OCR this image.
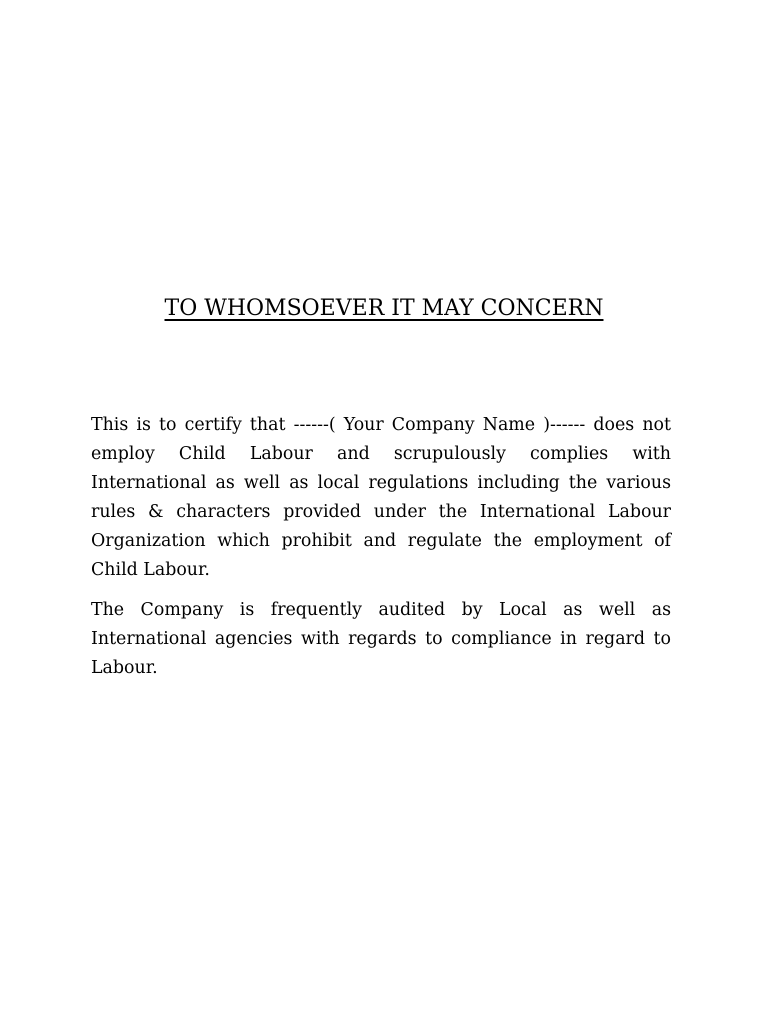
TO WHOMSOEVER IT MAY CONCERN

This is to certify that ------( Your Company Name )------ does not employ Child Labour and scrupulously complies with International as well as local regulations including the various rules & characters provided under the International Labour Organization which prohibit and regulate the employment of Child Labour.

The Company is frequently audited by Local as well as International agencies with regards to compliance in regard to Labour.
